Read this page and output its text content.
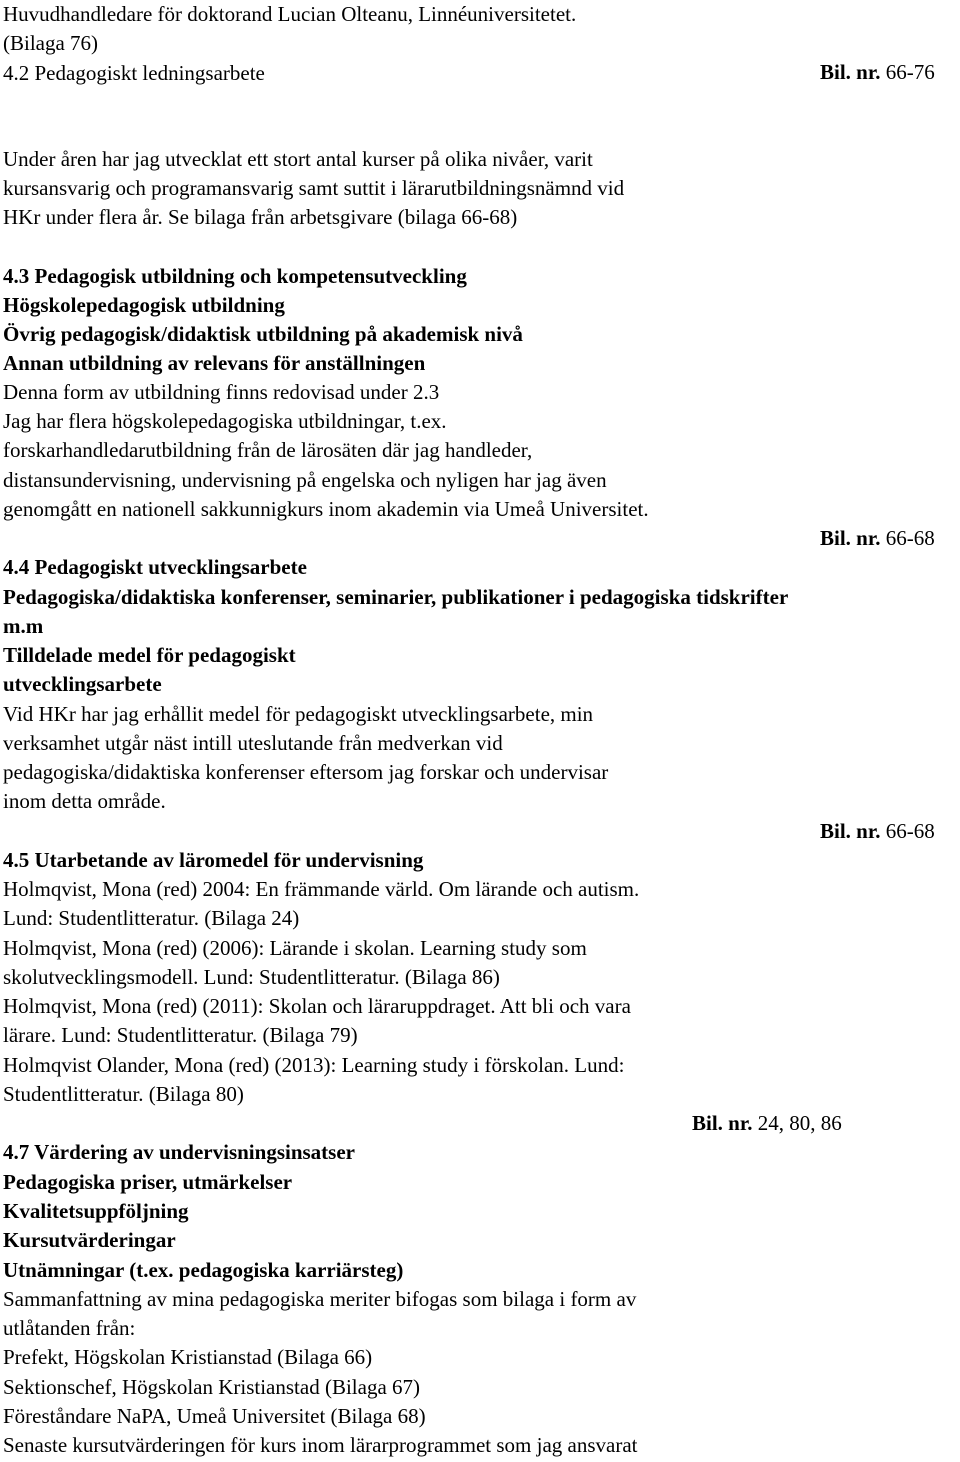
Huvudhandledare för doktorand Lucian Olteanu, Linnéuniversitetet.
(Bilaga 76)
4.2 Pedagogiskt ledningsarbete	Bil. nr. 66-76
Under åren har jag utvecklat ett stort antal kurser på olika nivåer, varit
kursansvarig och programansvarig samt suttit i lärarutbildningsnämnd vid
HKr under flera år. Se bilaga från arbetsgivare (bilaga 66-68)
4.3 Pedagogisk utbildning och kompetensutveckling
Högskolepedagogisk utbildning
Övrig pedagogisk/didaktisk utbildning på akademisk nivå
Annan utbildning av relevans för anställningen
Denna form av utbildning finns redovisad under 2.3
Jag har flera högskolepedagogiska utbildningar, t.ex.
forskarhandledarutbildning från de lärosäten där jag handleder,
distansundervisning, undervisning på engelska och nyligen har jag även
genomgått en nationell sakkunnigkurs inom akademin via Umeå Universitet.
Bil. nr. 66-68
4.4 Pedagogiskt utvecklingsarbete
Pedagogiska/didaktiska konferenser, seminarier, publikationer i pedagogiska tidskrifter
m.m
Tilldelade medel för pedagogiskt
utvecklingsarbete
Vid HKr har jag erhållit medel för pedagogiskt utvecklingsarbete, min
verksamhet utgår näst intill uteslutande från medverkan vid
pedagogiska/didaktiska konferenser eftersom jag forskar och undervisar
inom detta område.
Bil. nr. 66-68
4.5 Utarbetande av läromedel för undervisning
Holmqvist, Mona (red) 2004: En främmande värld. Om lärande och autism.
Lund: Studentlitteratur. (Bilaga 24)
Holmqvist, Mona (red) (2006): Lärande i skolan. Learning study som
skolutvecklingsmodell. Lund: Studentlitteratur. (Bilaga 86)
Holmqvist, Mona (red) (2011): Skolan och läraruppdraget. Att bli och vara
lärare. Lund: Studentlitteratur. (Bilaga 79)
Holmqvist Olander, Mona (red) (2013): Learning study i förskolan. Lund:
Studentlitteratur. (Bilaga 80)
Bil. nr. 24, 80, 86
4.7 Värdering av undervisningsinsatser
Pedagogiska priser, utmärkelser
Kvalitetsuppföljning
Kursutvärderingar
Utnämningar (t.ex. pedagogiska karriärsteg)
Sammanfattning av mina pedagogiska meriter bifogas som bilaga i form av
utlåtanden från:
Prefekt, Högskolan Kristianstad (Bilaga 66)
Sektionschef, Högskolan Kristianstad (Bilaga 67)
Föreståndare NaPA, Umeå Universitet (Bilaga 68)
Senaste kursutvärderingen för kurs inom lärarprogrammet som jag ansvarat
